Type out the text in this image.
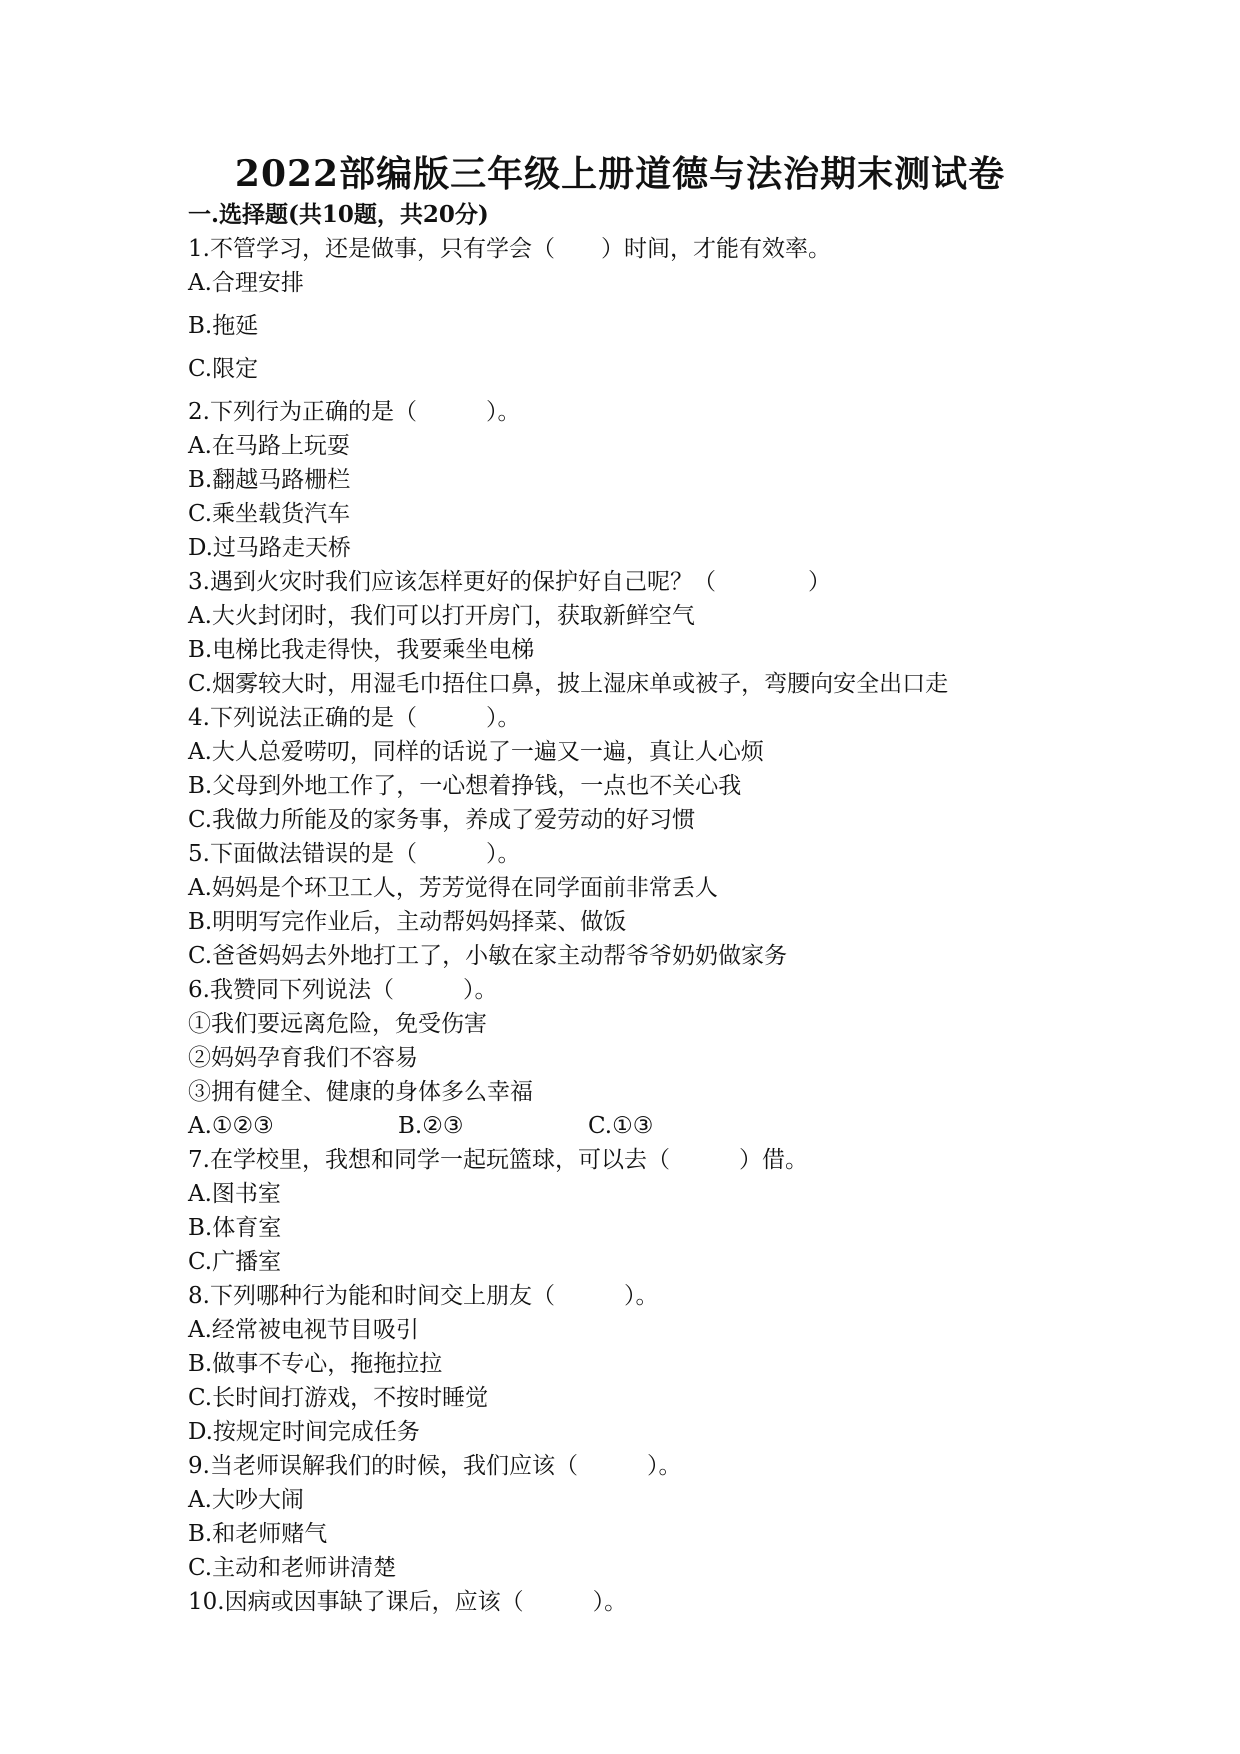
2022部编版三年级上册道德与法治期末测试卷
一.选择题(共10题，共20分)

1.不管学习，还是做事，只有学会（　　）时间，才能有效率。

A.合理安排

B.拖延

C.限定

2.下列行为正确的是（　　　）。

A.在马路上玩耍

B.翻越马路栅栏

C.乘坐载货汽车

D.过马路走天桥

3.遇到火灾时我们应该怎样更好的保护好自己呢？（　　　　）

A.大火封闭时，我们可以打开房门，获取新鲜空气

B.电梯比我走得快，我要乘坐电梯

C.烟雾较大时，用湿毛巾捂住口鼻，披上湿床单或被子，弯腰向安全出口走

4.下列说法正确的是（　　　）。

A.大人总爱唠叨，同样的话说了一遍又一遍，真让人心烦

B.父母到外地工作了，一心想着挣钱，一点也不关心我

C.我做力所能及的家务事，养成了爱劳动的好习惯

5.下面做法错误的是（　　　）。

A.妈妈是个环卫工人，芳芳觉得在同学面前非常丢人

B.明明写完作业后，主动帮妈妈择菜、做饭

C.爸爸妈妈去外地打工了，小敏在家主动帮爷爷奶奶做家务

6.我赞同下列说法（　　　）。

①我们要远离危险，免受伤害

②妈妈孕育我们不容易

③拥有健全、健康的身体多么幸福

A.①②③	B.②③	C.①③

7.在学校里，我想和同学一起玩篮球，可以去（　　　）借。

A.图书室

B.体育室

C.广播室

8.下列哪种行为能和时间交上朋友（　　　）。

A.经常被电视节目吸引

B.做事不专心，拖拖拉拉

C.长时间打游戏，不按时睡觉

D.按规定时间完成任务

9.当老师误解我们的时候，我们应该（　　　）。

A.大吵大闹

B.和老师赌气

C.主动和老师讲清楚

10.因病或因事缺了课后，应该（　　　）。
